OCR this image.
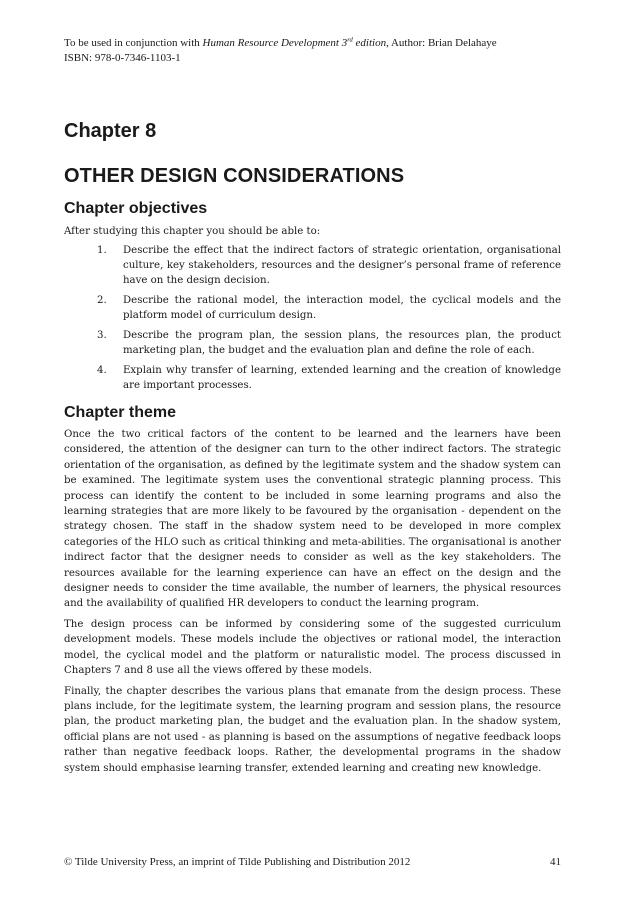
To be used in conjunction with Human Resource Development 3rd edition, Author: Brian Delahaye
ISBN: 978-0-7346-1103-1
Chapter 8
OTHER DESIGN CONSIDERATIONS
Chapter objectives
After studying this chapter you should be able to:
1. Describe the effect that the indirect factors of strategic orientation, organisational culture, key stakeholders, resources and the designer’s personal frame of reference have on the design decision.
2. Describe the rational model, the interaction model, the cyclical models and the platform model of curriculum design.
3. Describe the program plan, the session plans, the resources plan, the product marketing plan, the budget and the evaluation plan and define the role of each.
4. Explain why transfer of learning, extended learning and the creation of knowledge are important processes.
Chapter theme

Once the two critical factors of the content to be learned and the learners have been considered, the attention of the designer can turn to the other indirect factors. The strategic orientation of the organisation, as defined by the legitimate system and the shadow system can be examined. The legitimate system uses the conventional strategic planning process. This process can identify the content to be included in some learning programs and also the learning strategies that are more likely to be favoured by the organisation - dependent on the strategy chosen. The staff in the shadow system need to be developed in more complex categories of the HLO such as critical thinking and meta-abilities. The organisational is another indirect factor that the designer needs to consider as well as the key stakeholders. The resources available for the learning experience can have an effect on the design and the designer needs to consider the time available, the number of learners, the physical resources and the availability of qualified HR developers to conduct the learning program.

The design process can be informed by considering some of the suggested curriculum development models. These models include the objectives or rational model, the interaction model, the cyclical model and the platform or naturalistic model. The process discussed in Chapters 7 and 8 use all the views offered by these models.

Finally, the chapter describes the various plans that emanate from the design process. These plans include, for the legitimate system, the learning program and session plans, the resource plan, the product marketing plan, the budget and the evaluation plan. In the shadow system, official plans are not used - as planning is based on the assumptions of negative feedback loops rather than negative feedback loops. Rather, the developmental programs in the shadow system should emphasise learning transfer, extended learning and creating new knowledge.

© Tilde University Press, an imprint of Tilde Publishing and Distribution 2012	41
